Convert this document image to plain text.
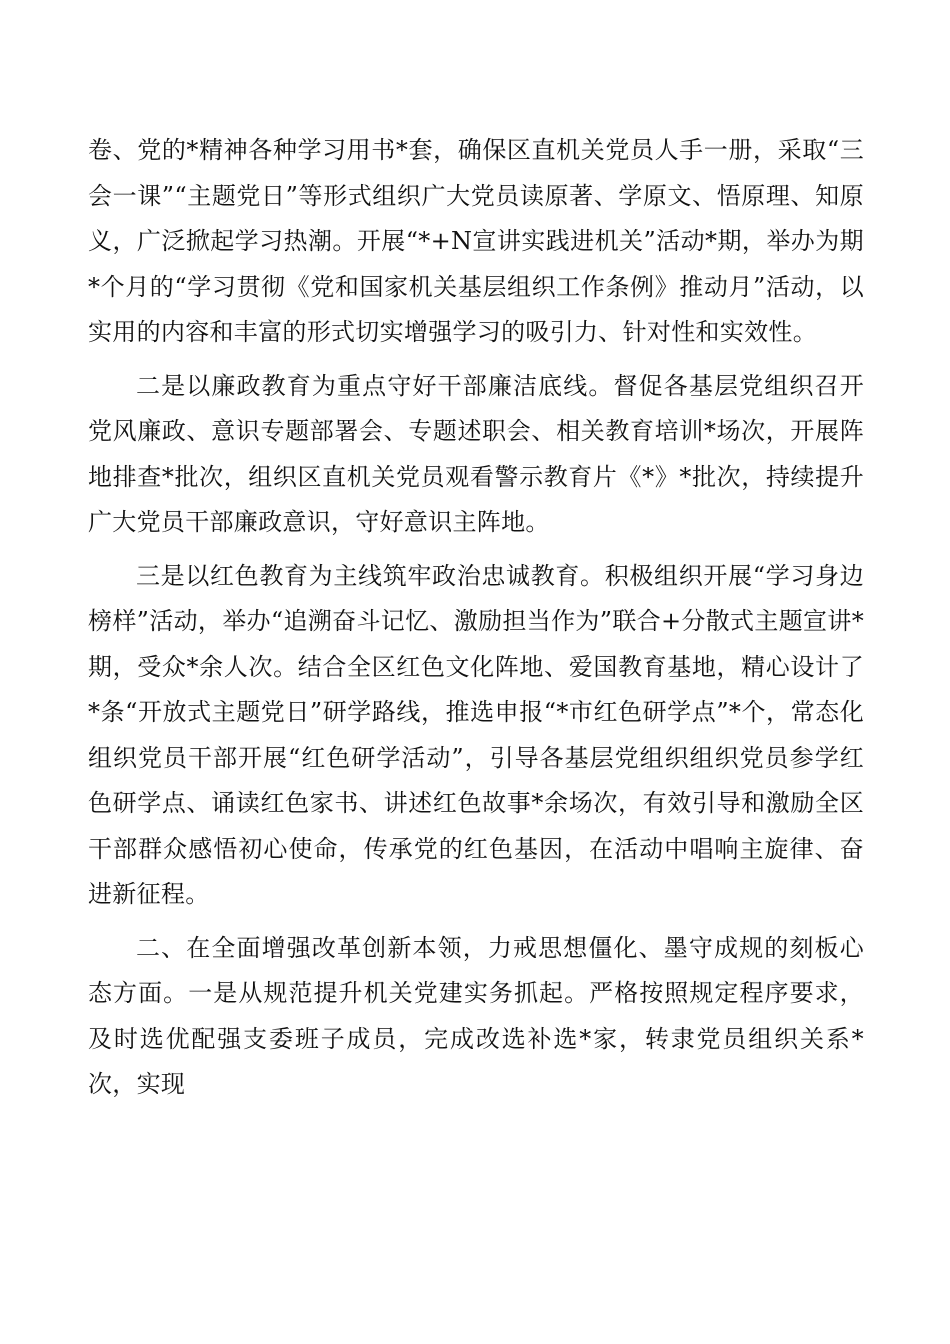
卷、党的*精神各种学习用书*套，确保区直机关党员人手一册，采取“三会一课”“主题党日”等形式组织广大党员读原著、学原文、悟原理、知原义，广泛掀起学习热潮。开展“*+N宣讲实践进机关”活动*期，举办为期*个月的“学习贯彻《党和国家机关基层组织工作条例》推动月”活动，以实用的内容和丰富的形式切实增强学习的吸引力、针对性和实效性。

二是以廉政教育为重点守好干部廉洁底线。督促各基层党组织召开党风廉政、意识专题部署会、专题述职会、相关教育培训*场次，开展阵地排查*批次，组织区直机关党员观看警示教育片《*》*批次，持续提升广大党员干部廉政意识，守好意识主阵地。

三是以红色教育为主线筑牢政治忠诚教育。积极组织开展“学习身边榜样”活动，举办“追溯奋斗记忆、激励担当作为”联合+分散式主题宣讲*期，受众*余人次。结合全区红色文化阵地、爱国教育基地，精心设计了*条“开放式主题党日”研学路线，推选申报“*市红色研学点”*个，常态化组织党员干部开展“红色研学活动”，引导各基层党组织组织党员参学红色研学点、诵读红色家书、讲述红色故事*余场次，有效引导和激励全区干部群众感悟初心使命，传承党的红色基因，在活动中唱响主旋律、奋进新征程。

二、在全面增强改革创新本领，力戒思想僵化、墨守成规的刻板心态方面。一是从规范提升机关党建实务抓起。严格按照规定程序要求，及时选优配强支委班子成员，完成改选补选*家，转隶党员组织关系*次，实现
